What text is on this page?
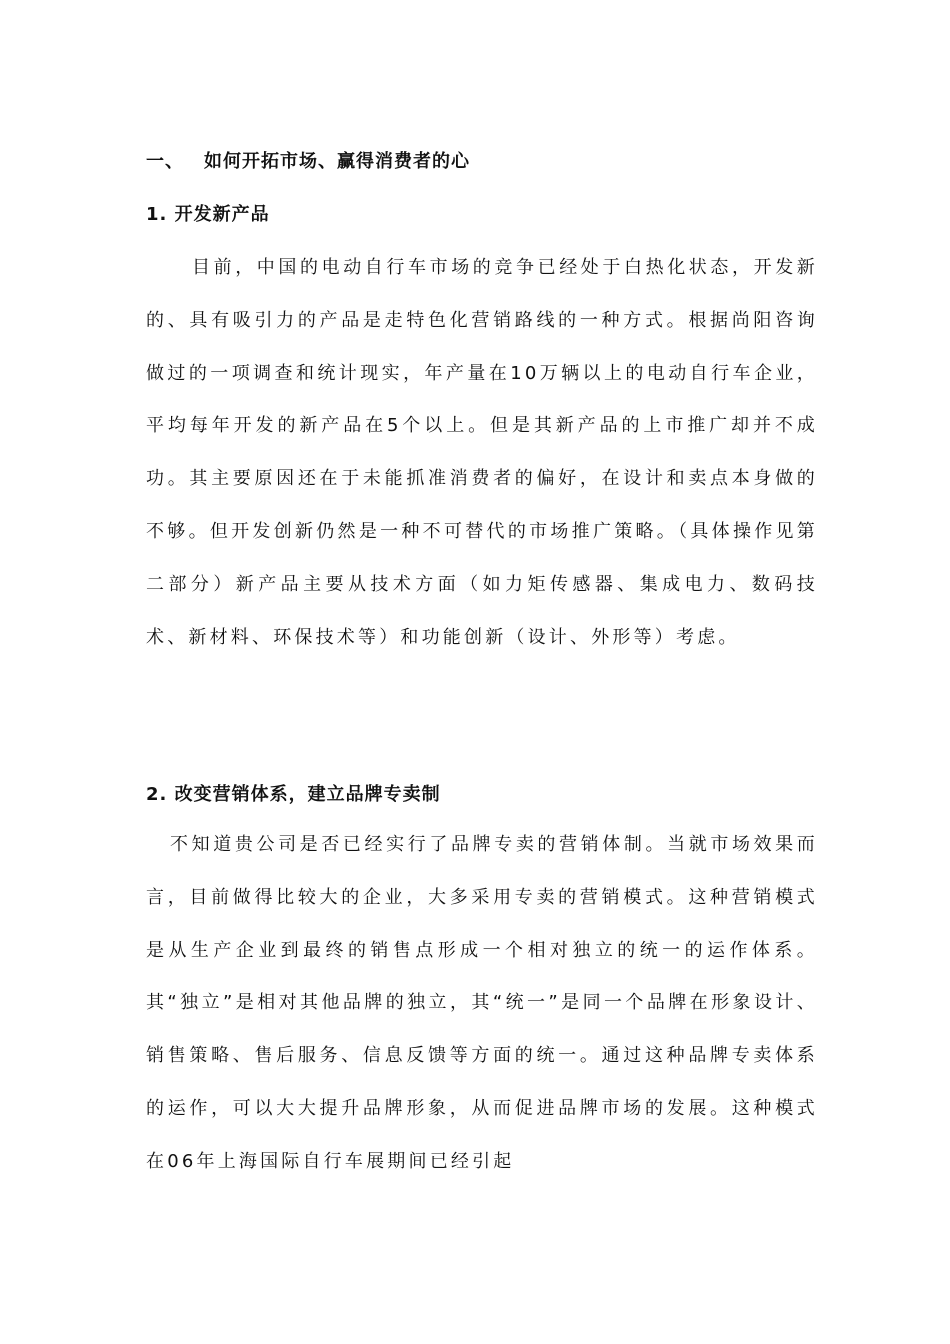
一、 如何开拓市场、赢得消费者的心
1. 开发新产品

目前，中国的电动自行车市场的竞争已经处于白热化状态，开发新的、具有吸引力的产品是走特色化营销路线的一种方式。根据尚阳咨询做过的一项调查和统计现实，年产量在10万辆以上的电动自行车企业，平均每年开发的新产品在5个以上。但是其新产品的上市推广却并不成功。其主要原因还在于未能抓准消费者的偏好，在设计和卖点本身做的不够。但开发创新仍然是一种不可替代的市场推广策略。（具体操作见第二部分）新产品主要从技术方面（如力矩传感器、集成电力、数码技术、新材料、环保技术等）和功能创新（设计、外形等）考虑。

2. 改变营销体系，建立品牌专卖制

不知道贵公司是否已经实行了品牌专卖的营销体制。当就市场效果而言，目前做得比较大的企业，大多采用专卖的营销模式。这种营销模式是从生产企业到最终的销售点形成一个相对独立的统一的运作体系。其“独立”是相对其他品牌的独立，其“统一”是同一个品牌在形象设计、销售策略、售后服务、信息反馈等方面的统一。通过这种品牌专卖体系的运作，可以大大提升品牌形象，从而促进品牌市场的发展。这种模式在06年上海国际自行车展期间已经引起
